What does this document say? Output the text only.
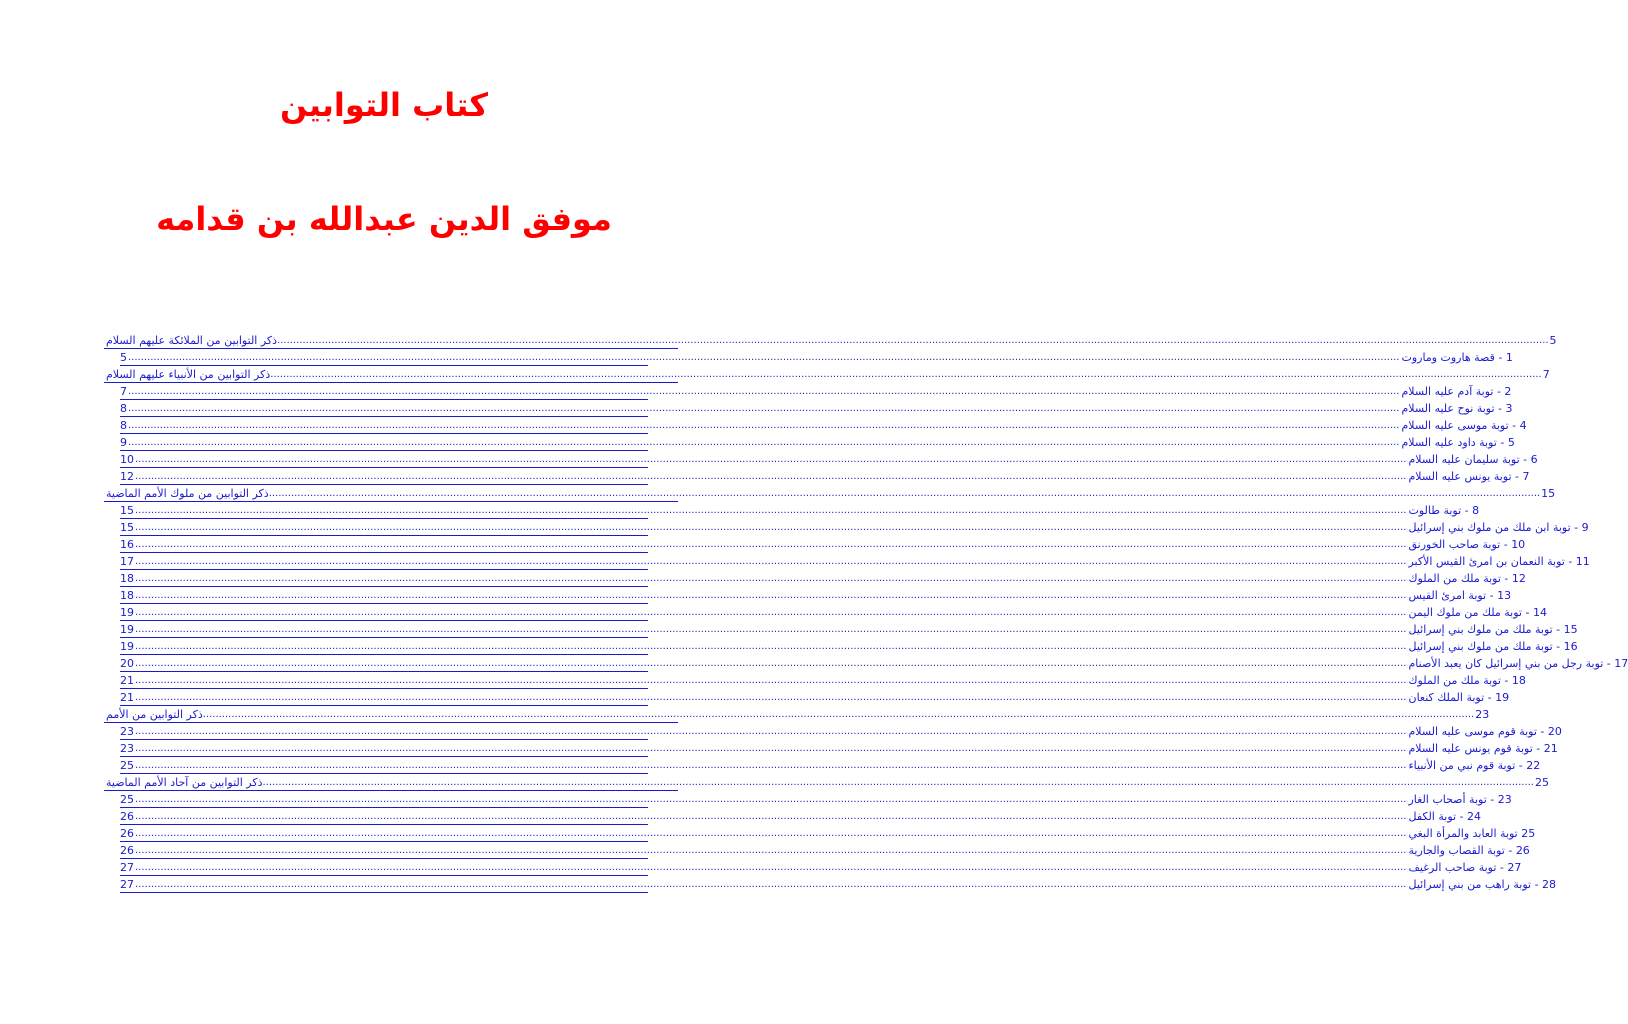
كتاب التوابين
موفق الدين عبدالله بن قدامه
5
................................................................................................................................................................................................................................................................................................................................................................................................................
ذكر التوابين من الملائكة عليهم السلام
5 ................................................................................................................................................................................................................................................................................................................................................................................................................ 1 - قصة هاروت وماروت
7
................................................................................................................................................................................................................................................................................................................................................................................................................
ذكر التوابين من الأنبياء عليهم السلام
7 ................................................................................................................................................................................................................................................................................................................................................................................................................ 2 - توبة آدم عليه السلام
8 ................................................................................................................................................................................................................................................................................................................................................................................................................ 3 - توبة نوح عليه السلام
8 ................................................................................................................................................................................................................................................................................................................................................................................................................ 4 - توبة موسى عليه السلام
9 ................................................................................................................................................................................................................................................................................................................................................................................................................ 5 - توبة داود عليه السلام
10 ................................................................................................................................................................................................................................................................................................................................................................................................................ 6 - توبة سليمان عليه السلام
12 ................................................................................................................................................................................................................................................................................................................................................................................................................ 7 - توبة يونس عليه السلام
15
................................................................................................................................................................................................................................................................................................................................................................................................................
ذكر التوابين من ملوك الأمم الماضية
15 ................................................................................................................................................................................................................................................................................................................................................................................................................ 8 - توبة طالوت
15 ................................................................................................................................................................................................................................................................................................................................................................................................................ 9 - توبة ابن ملك من ملوك بني إسرائيل
16 ................................................................................................................................................................................................................................................................................................................................................................................................................ 10 - توبة صاحب الخورنق
17 ................................................................................................................................................................................................................................................................................................................................................................................................................ 11 - توبة النعمان بن امرئ القيس الأكبر
18 ................................................................................................................................................................................................................................................................................................................................................................................................................ 12 - توبة ملك من الملوك
18 ................................................................................................................................................................................................................................................................................................................................................................................................................ 13 - توبة امرئ القيس
19 ................................................................................................................................................................................................................................................................................................................................................................................................................ 14 - توبة ملك من ملوك اليمن
19 ................................................................................................................................................................................................................................................................................................................................................................................................................ 15 - توبة ملك من ملوك بني إسرائيل
19 ................................................................................................................................................................................................................................................................................................................................................................................................................ 16 - توبة ملك من ملوك بني إسرائيل
20 ................................................................................................................................................................................................................................................................................................................................................................................................................ 17 - توبة رجل من بني إسرائيل كان يعبد الأصنام
21 ................................................................................................................................................................................................................................................................................................................................................................................................................ 18 - توبة ملك من الملوك
21 ................................................................................................................................................................................................................................................................................................................................................................................................................ 19 - توبة الملك كنعان
23
................................................................................................................................................................................................................................................................................................................................................................................................................
ذكر التوابين من الأمم
23 ................................................................................................................................................................................................................................................................................................................................................................................................................ 20 - توبة قوم موسى عليه السلام
23 ................................................................................................................................................................................................................................................................................................................................................................................................................ 21 - توبة قوم يونس عليه السلام
25 ................................................................................................................................................................................................................................................................................................................................................................................................................ 22 - توبة قوم نبي من الأنبياء
25
................................................................................................................................................................................................................................................................................................................................................................................................................
ذكر التوابين من آحاد الأمم الماضية
25 ................................................................................................................................................................................................................................................................................................................................................................................................................ 23 - توبة أصحاب الغار
26 ................................................................................................................................................................................................................................................................................................................................................................................................................ 24 - توبة الكفل
26 ................................................................................................................................................................................................................................................................................................................................................................................................................ 25 توبة العابد والمرأة البغي
26 ................................................................................................................................................................................................................................................................................................................................................................................................................ 26 - توبة القصاب والجارية
27 ................................................................................................................................................................................................................................................................................................................................................................................................................ 27 - توبة صاحب الرغيف
27 ................................................................................................................................................................................................................................................................................................................................................................................................................ 28 - توبة راهب من بني إسرائيل
